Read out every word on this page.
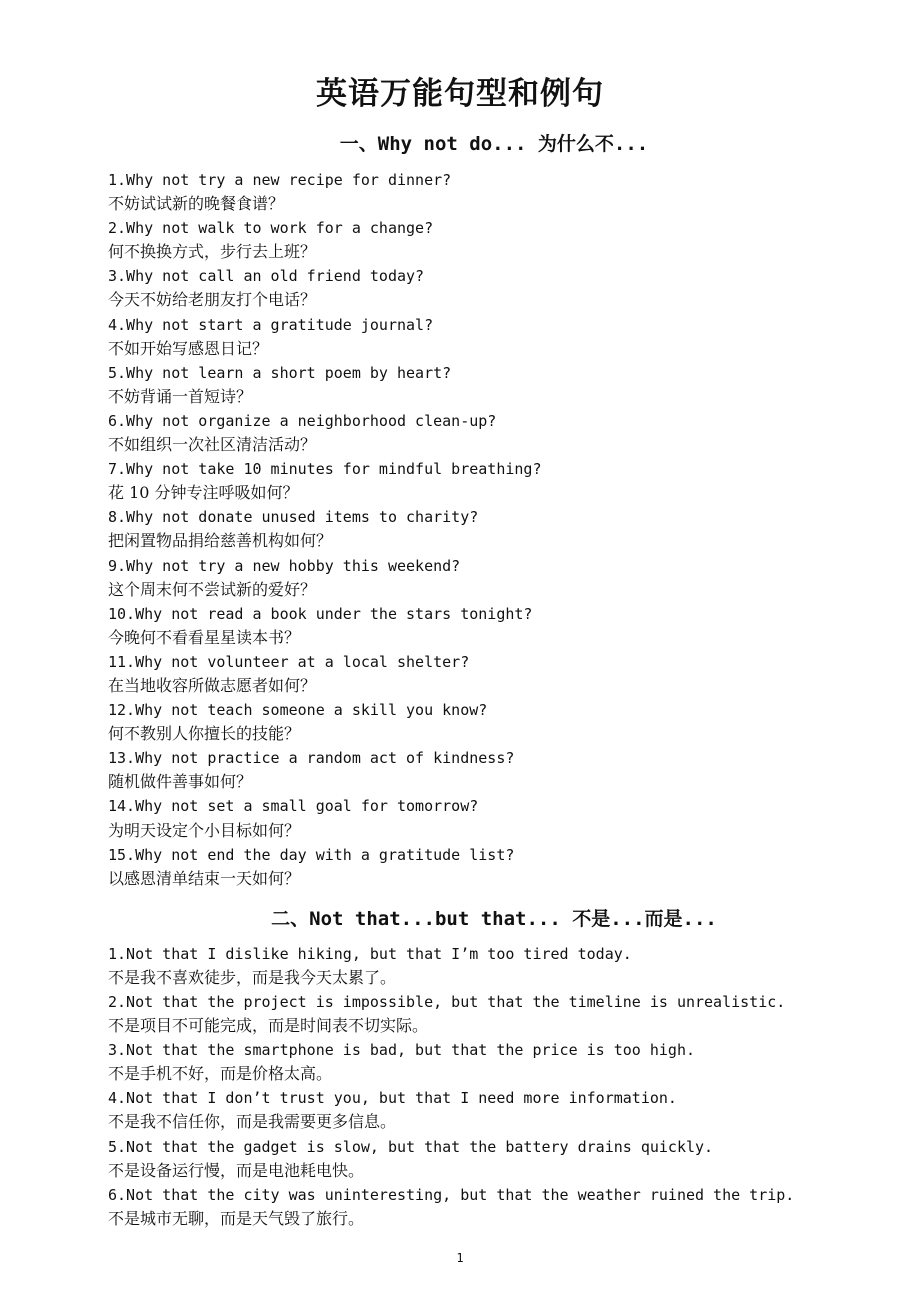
英语万能句型和例句
一、Why not do... 为什么不...
1.Why not try a new recipe for dinner?
不妨试试新的晚餐食谱？
2.Why not walk to work for a change?
何不换换方式，步行去上班？
3.Why not call an old friend today?
今天不妨给老朋友打个电话？
4.Why not start a gratitude journal?
不如开始写感恩日记？
5.Why not learn a short poem by heart?
不妨背诵一首短诗？
6.Why not organize a neighborhood clean-up?
不如组织一次社区清洁活动？
7.Why not take 10 minutes for mindful breathing?
花 10 分钟专注呼吸如何？
8.Why not donate unused items to charity?
把闲置物品捐给慈善机构如何？
9.Why not try a new hobby this weekend?
这个周末何不尝试新的爱好？
10.Why not read a book under the stars tonight?
今晚何不看看星星读本书？
11.Why not volunteer at a local shelter?
在当地收容所做志愿者如何？
12.Why not teach someone a skill you know?
何不教别人你擅长的技能？
13.Why not practice a random act of kindness?
随机做件善事如何？
14.Why not set a small goal for tomorrow?
为明天设定个小目标如何？
15.Why not end the day with a gratitude list?
以感恩清单结束一天如何？
二、Not that...but that... 不是...而是...
1.Not that I dislike hiking, but that I’m too tired today.
不是我不喜欢徒步，而是我今天太累了。
2.Not that the project is impossible, but that the timeline is unrealistic.
不是项目不可能完成，而是时间表不切实际。
3.Not that the smartphone is bad, but that the price is too high.
不是手机不好，而是价格太高。
4.Not that I don’t trust you, but that I need more information.
不是我不信任你，而是我需要更多信息。
5.Not that the gadget is slow, but that the battery drains quickly.
不是设备运行慢，而是电池耗电快。
6.Not that the city was uninteresting, but that the weather ruined the trip.
不是城市无聊，而是天气毁了旅行。
1
